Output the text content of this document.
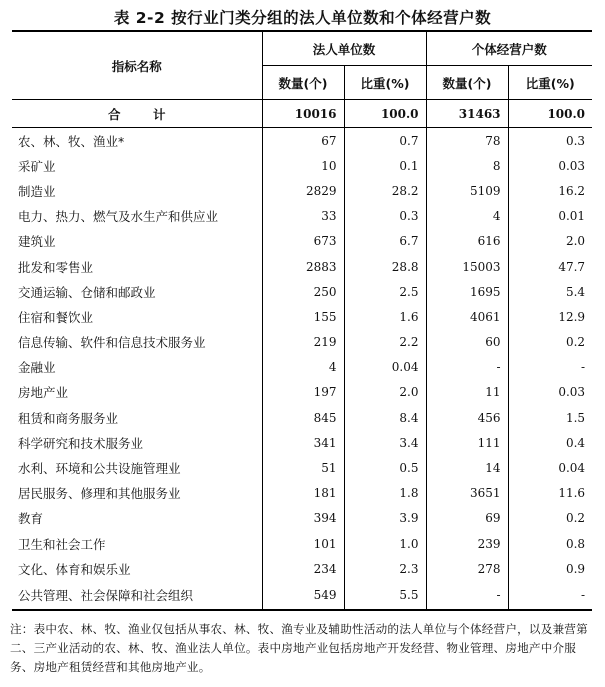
表 2-2 按行业门类分组的法人单位数和个体经营户数
指标名称	法人单位数		个体经营户数	
	数量(个)	比重(%)	数量(个)	比重(%)
合　计	10016	100.0	31463	100.0
农、林、牧、渔业*	67	0.7	78	0.3
采矿业	10	0.1	8	0.03
制造业	2829	28.2	5109	16.2
电力、热力、燃气及水生产和供应业	33	0.3	4	0.01
建筑业	673	6.7	616	2.0
批发和零售业	2883	28.8	15003	47.7
交通运输、仓储和邮政业	250	2.5	1695	5.4
住宿和餐饮业	155	1.6	4061	12.9
信息传输、软件和信息技术服务业	219	2.2	60	0.2
金融业	4	0.04	-	-
房地产业	197	2.0	11	0.03
租赁和商务服务业	845	8.4	456	1.5
科学研究和技术服务业	341	3.4	111	0.4
水利、环境和公共设施管理业	51	0.5	14	0.04
居民服务、修理和其他服务业	181	1.8	3651	11.6
教育	394	3.9	69	0.2
卫生和社会工作	101	1.0	239	0.8
文化、体育和娱乐业	234	2.3	278	0.9
公共管理、社会保障和社会组织	549	5.5	-	-
注：表中农、林、牧、渔业仅包括从事农、林、牧、渔专业及辅助性活动的法人单位与个体经营户，以及兼营第二、三产业活动的农、林、牧、渔业法人单位。表中房地产业包括房地产开发经营、物业管理、房地产中介服务、房地产租赁经营和其他房地产业。
